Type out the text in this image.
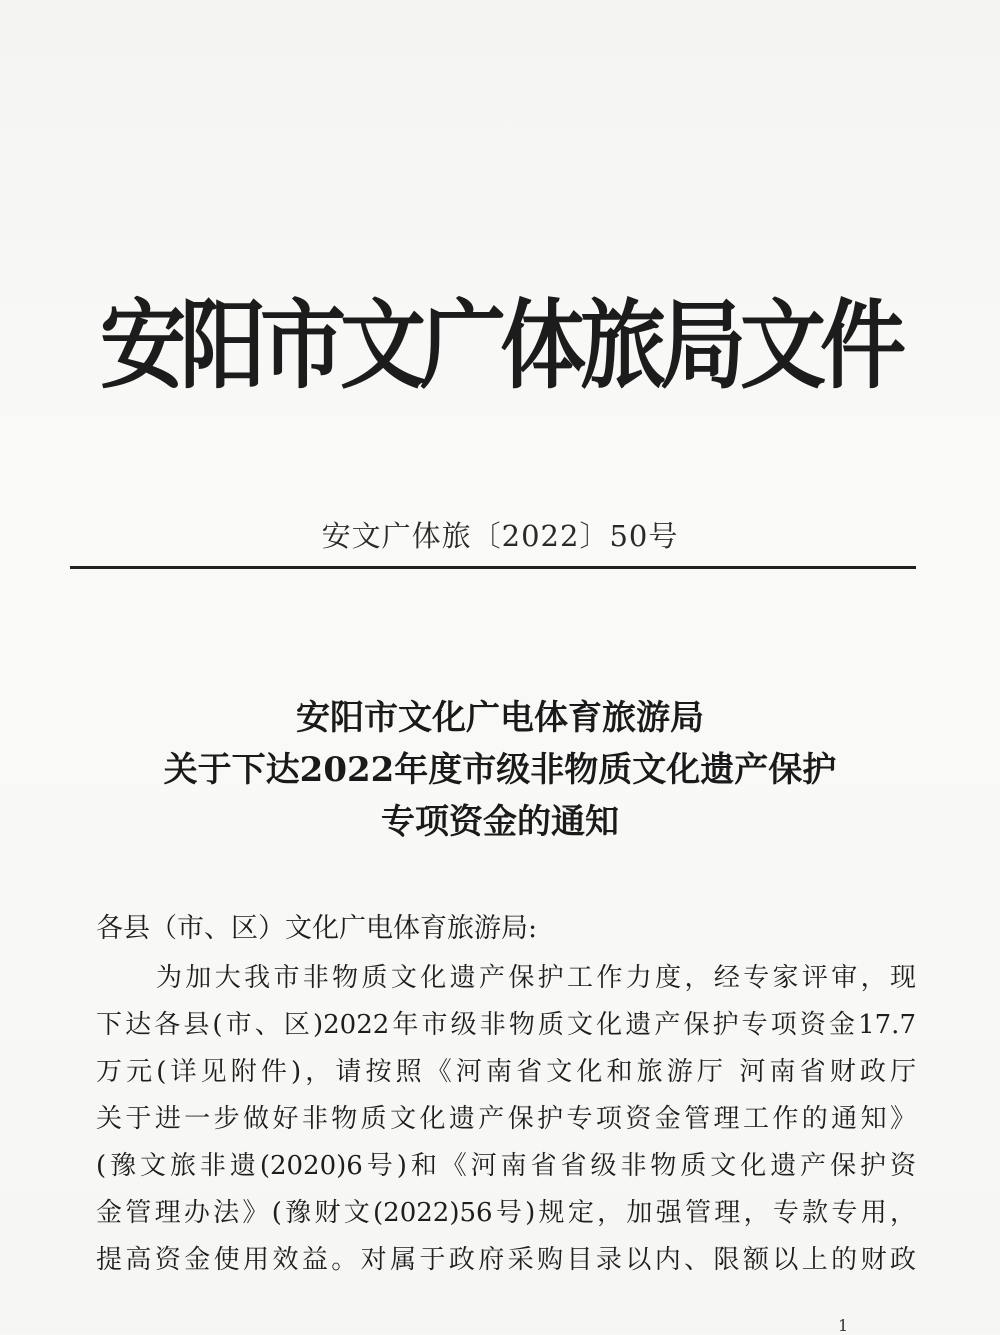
安阳市文广体旅局文件
安文广体旅〔2022〕50号
安阳市文化广电体育旅游局
关于下达2022年度市级非物质文化遗产保护
专项资金的通知
各县（市、区）文化广电体育旅游局:
为加大我市非物质文化遗产保护工作力度，经专家评审，现
下达各县(市、区)2022年市级非物质文化遗产保护专项资金17.7
万元(详见附件)，请按照《河南省文化和旅游厅 河南省财政厅
关于进一步做好非物质文化遗产保护专项资金管理工作的通知》
(豫文旅非遗(2020)6号)和《河南省省级非物质文化遗产保护资
金管理办法》(豫财文(2022)56号)规定，加强管理，专款专用，
提高资金使用效益。对属于政府采购目录以内、限额以上的财政
1
